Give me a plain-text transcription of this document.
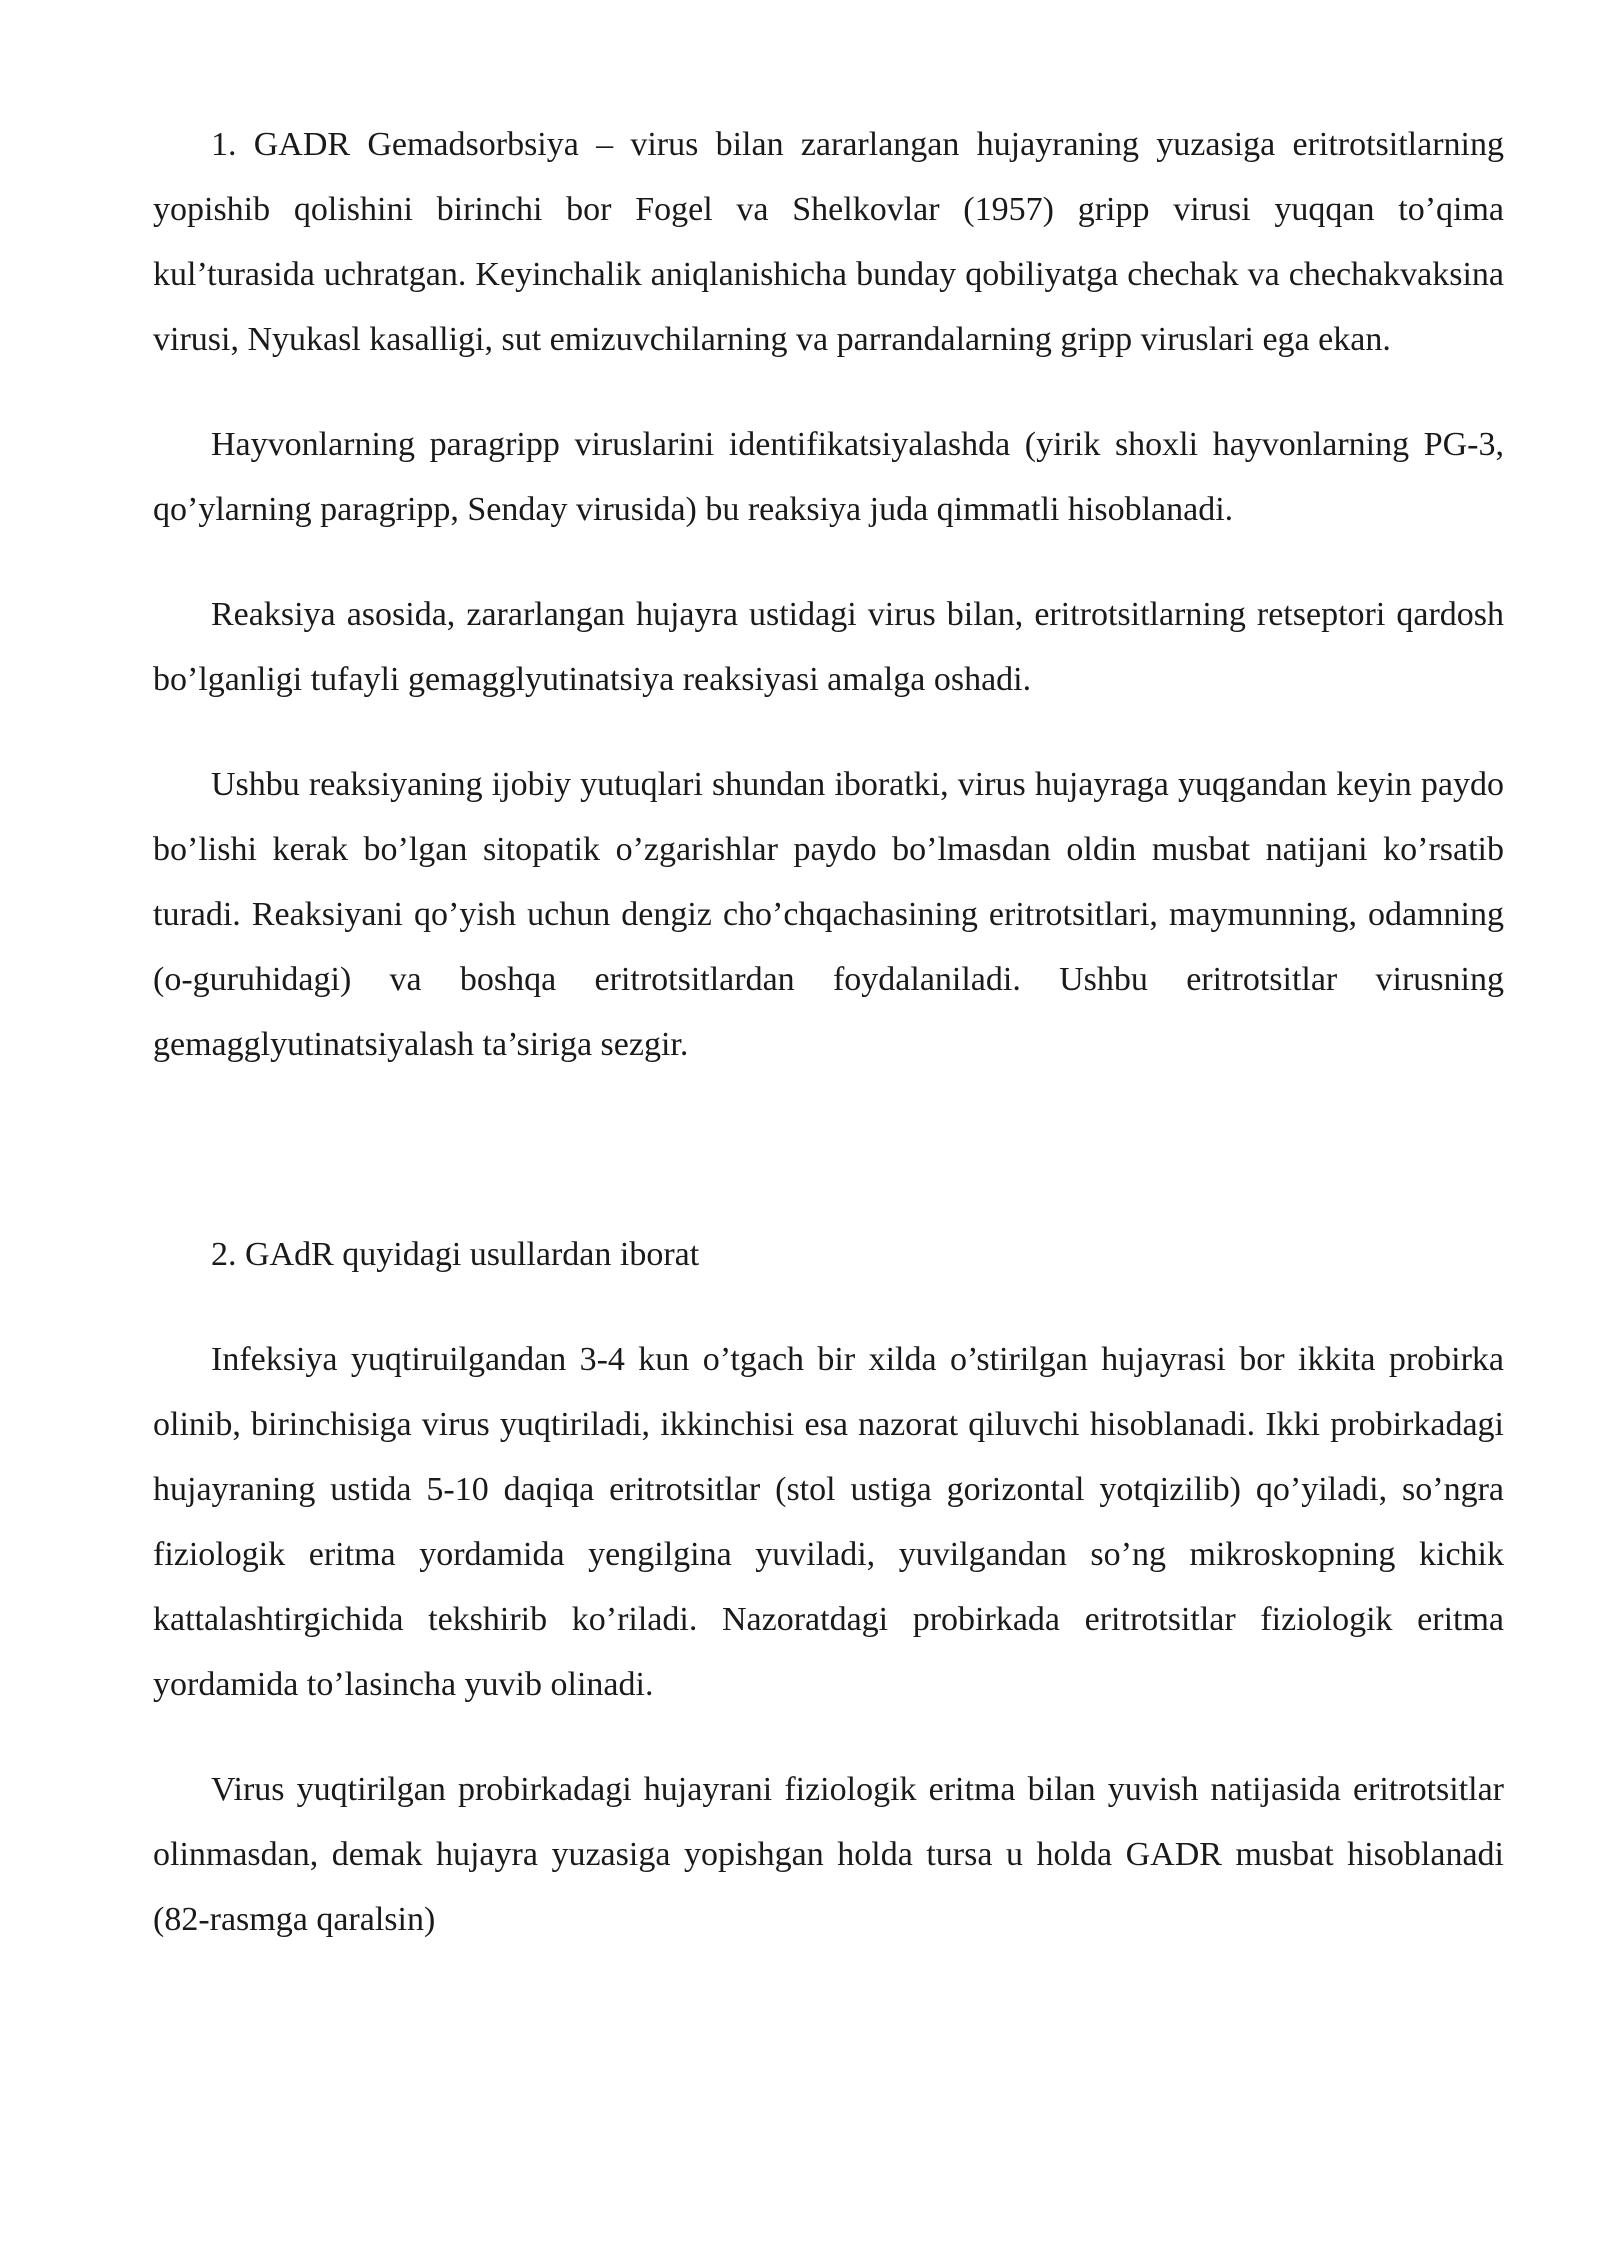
1. GADR Gemadsorbsiya – virus bilan zararlangan hujayraning yuzasiga eritrotsitlarning yopishib qolishini birinchi bor Fogel va Shelkovlar (1957) gripp virusi yuqqan to’qima kul’turasida uchratgan. Keyinchalik aniqlanishicha bunday qobiliyatga chechak va chechakvaksina virusi, Nyukasl kasalligi, sut emizuvchilarning va parrandalarning gripp viruslari ega ekan.

Hayvonlarning paragripp viruslarini identifikatsiyalashda (yirik shoxli hayvonlarning PG-3, qo’ylarning paragripp, Senday virusida) bu reaksiya juda qimmatli hisoblanadi.

Reaksiya asosida, zararlangan hujayra ustidagi virus bilan, eritrotsitlarning retseptori qardosh bo’lganligi tufayli gemagglyutinatsiya reaksiyasi amalga oshadi.

Ushbu reaksiyaning ijobiy yutuqlari shundan iboratki, virus hujayraga yuqgandan keyin paydo bo’lishi kerak bo’lgan sitopatik o’zgarishlar paydo bo’lmasdan oldin musbat natijani ko’rsatib turadi. Reaksiyani qo’yish uchun dengiz cho’chqachasining eritrotsitlari, maymunning, odamning (o-guruhidagi) va boshqa eritrotsitlardan foydalaniladi. Ushbu eritrotsitlar virusning gemagglyutinatsiyalash ta’siriga sezgir.

2. GAdR quyidagi usullardan iborat

Infeksiya yuqtiruilgandan 3-4 kun o’tgach bir xilda o’stirilgan hujayrasi bor ikkita probirka olinib, birinchisiga virus yuqtiriladi, ikkinchisi esa nazorat qiluvchi hisoblanadi. Ikki probirkadagi hujayraning ustida 5-10 daqiqa eritrotsitlar (stol ustiga gorizontal yotqizilib) qo’yiladi, so’ngra fiziologik eritma yordamida yengilgina yuviladi, yuvilgandan so’ng mikroskopning kichik kattalashtirgichida tekshirib ko’riladi. Nazoratdagi probirkada eritrotsitlar fiziologik eritma yordamida to’lasincha yuvib olinadi.

Virus yuqtirilgan probirkadagi hujayrani fiziologik eritma bilan yuvish natijasida eritrotsitlar olinmasdan, demak hujayra yuzasiga yopishgan holda tursa u holda GADR musbat hisoblanadi (82-rasmga qaralsin)
